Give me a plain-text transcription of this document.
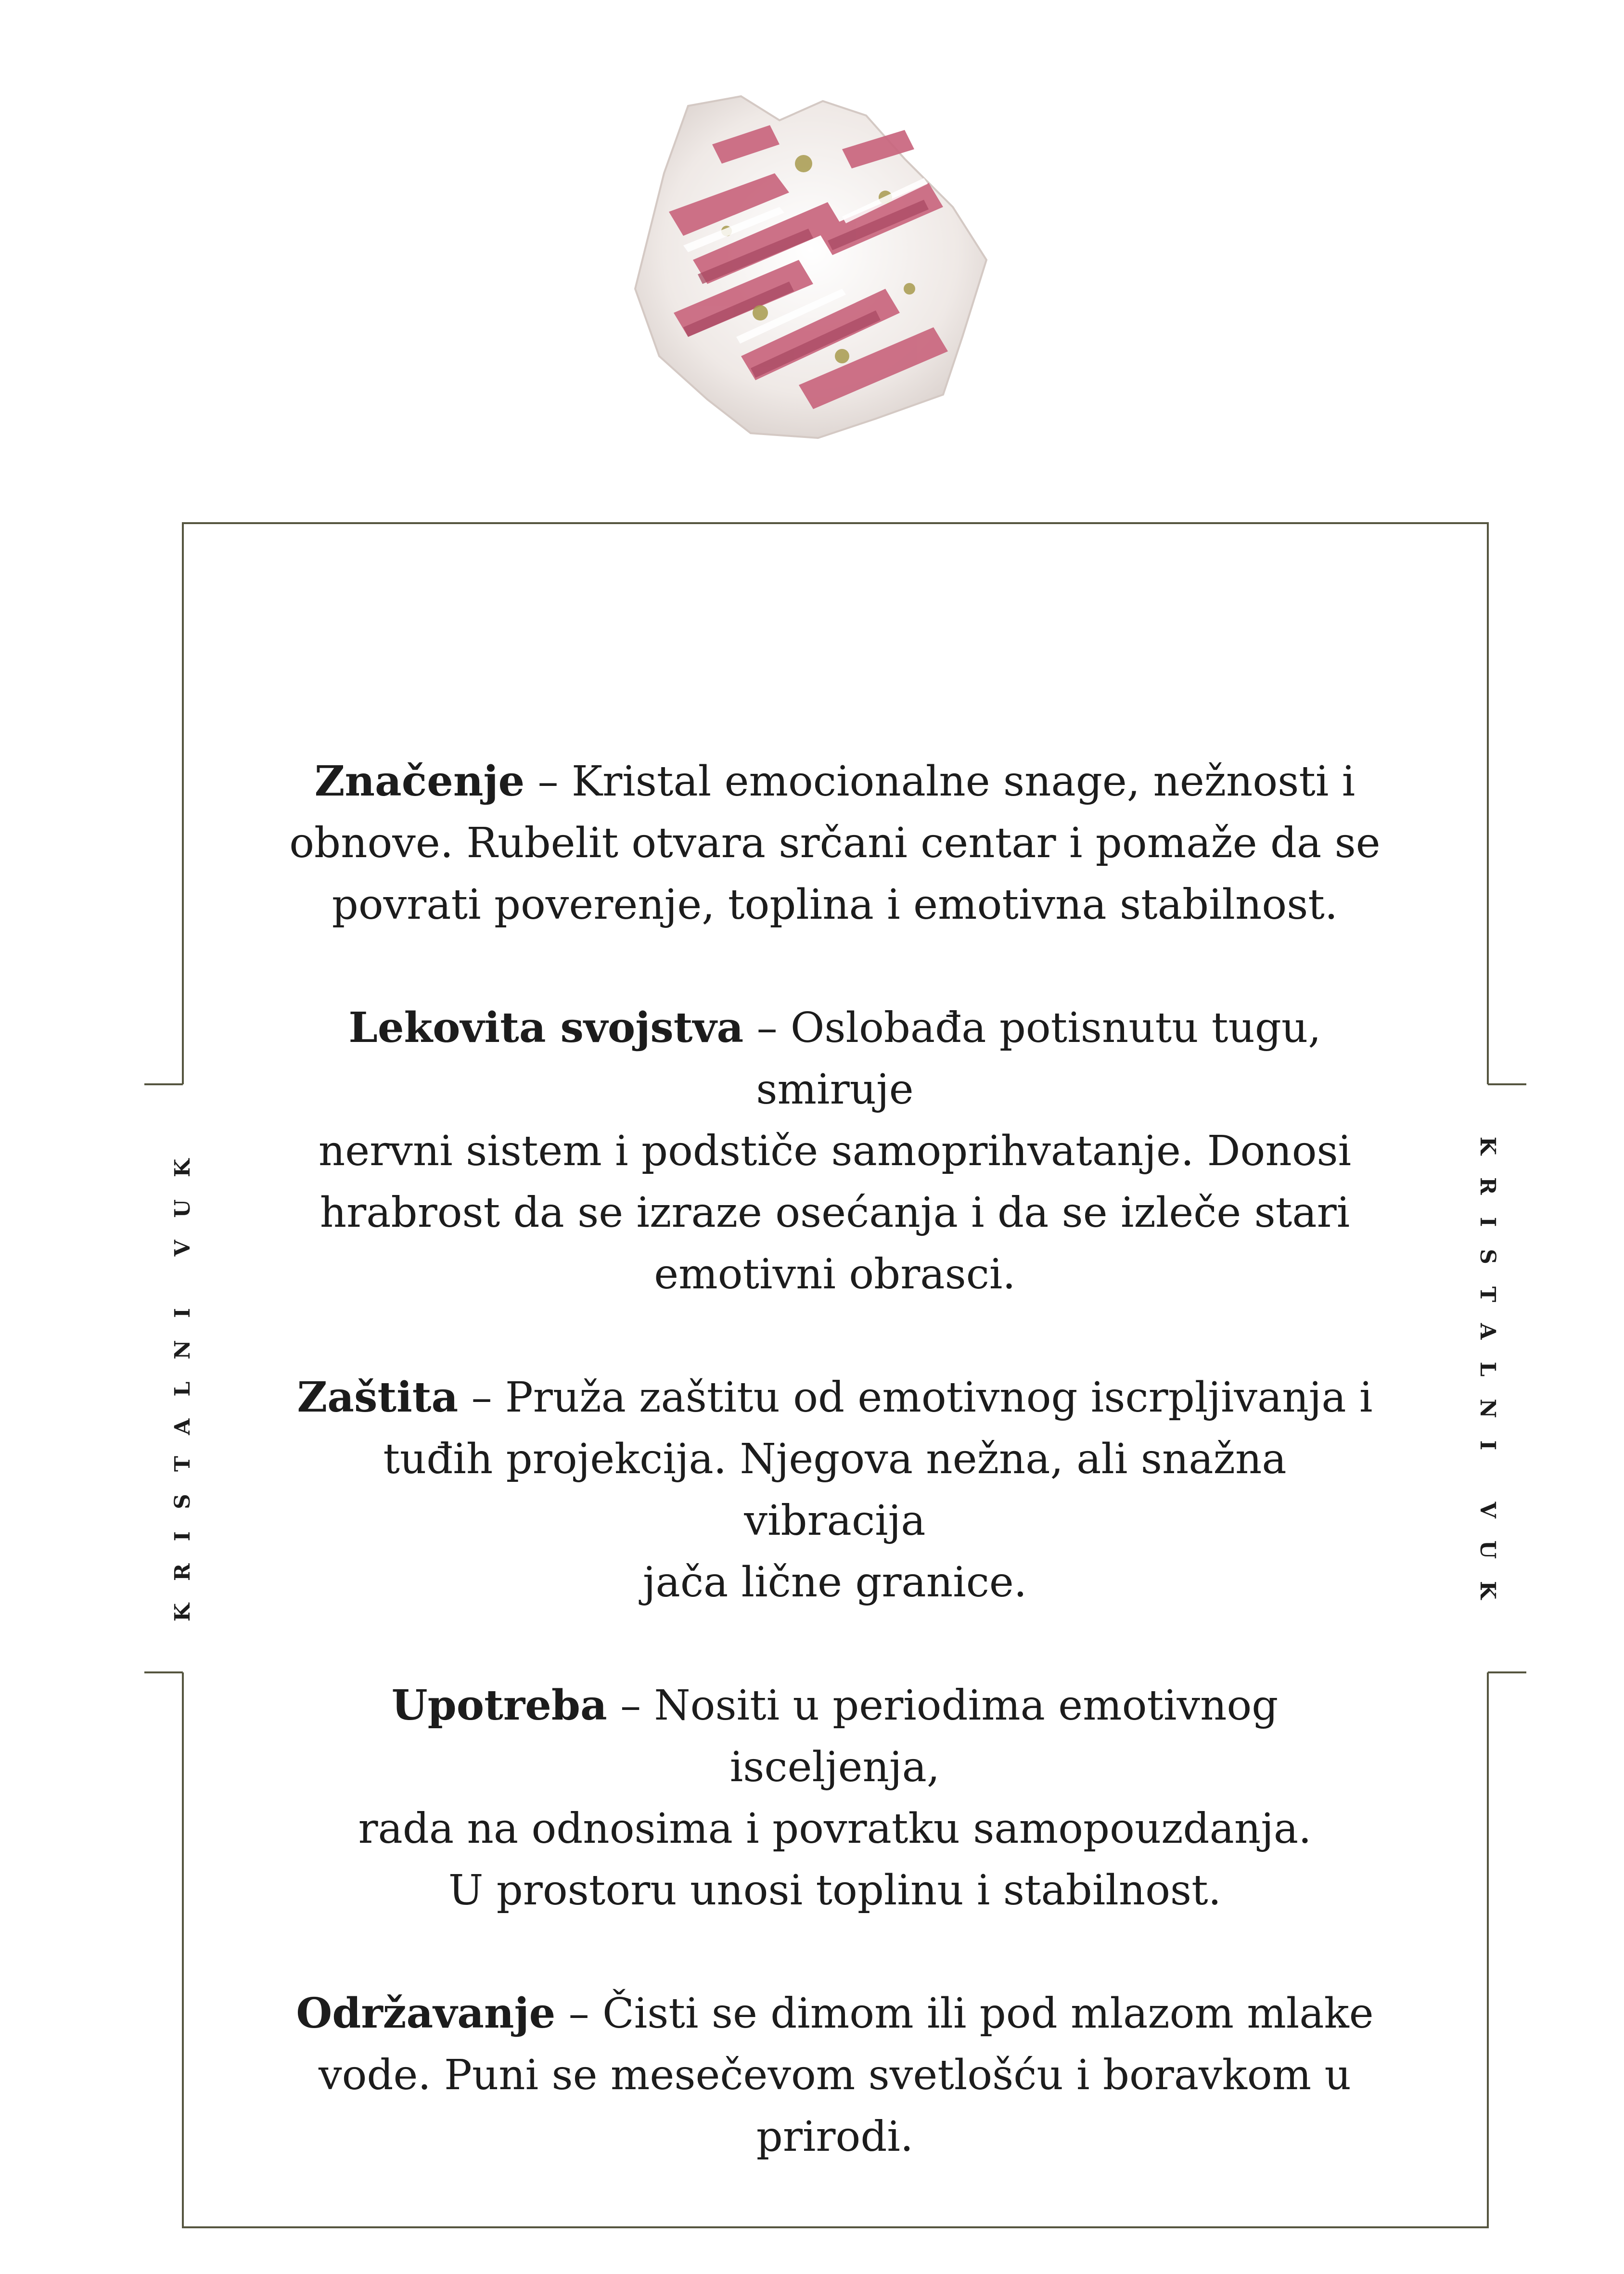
KRISTALNI VUK	KRISTALNI VUK
Značenje – Kristal emocionalne snage, nežnosti i
obnove. Rubelit otvara srčani centar i pomaže da se
povrati poverenje, toplina i emotivna stabilnost.
Lekovita svojstva – Oslobađa potisnutu tugu, smiruje
nervni sistem i podstiče samoprihvatanje. Donosi
hrabrost da se izraze osećanja i da se izleče stari
emotivni obrasci.
Zaštita – Pruža zaštitu od emotivnog iscrpljivanja i
tuđih projekcija. Njegova nežna, ali snažna vibracija
jača lične granice.
Upotreba – Nositi u periodima emotivnog isceljenja,
rada na odnosima i povratku samopouzdanja.
U prostoru unosi toplinu i stabilnost.
Održavanje – Čisti se dimom ili pod mlazom mlake
vode. Puni se mesečevom svetlošću i boravkom u
prirodi.
